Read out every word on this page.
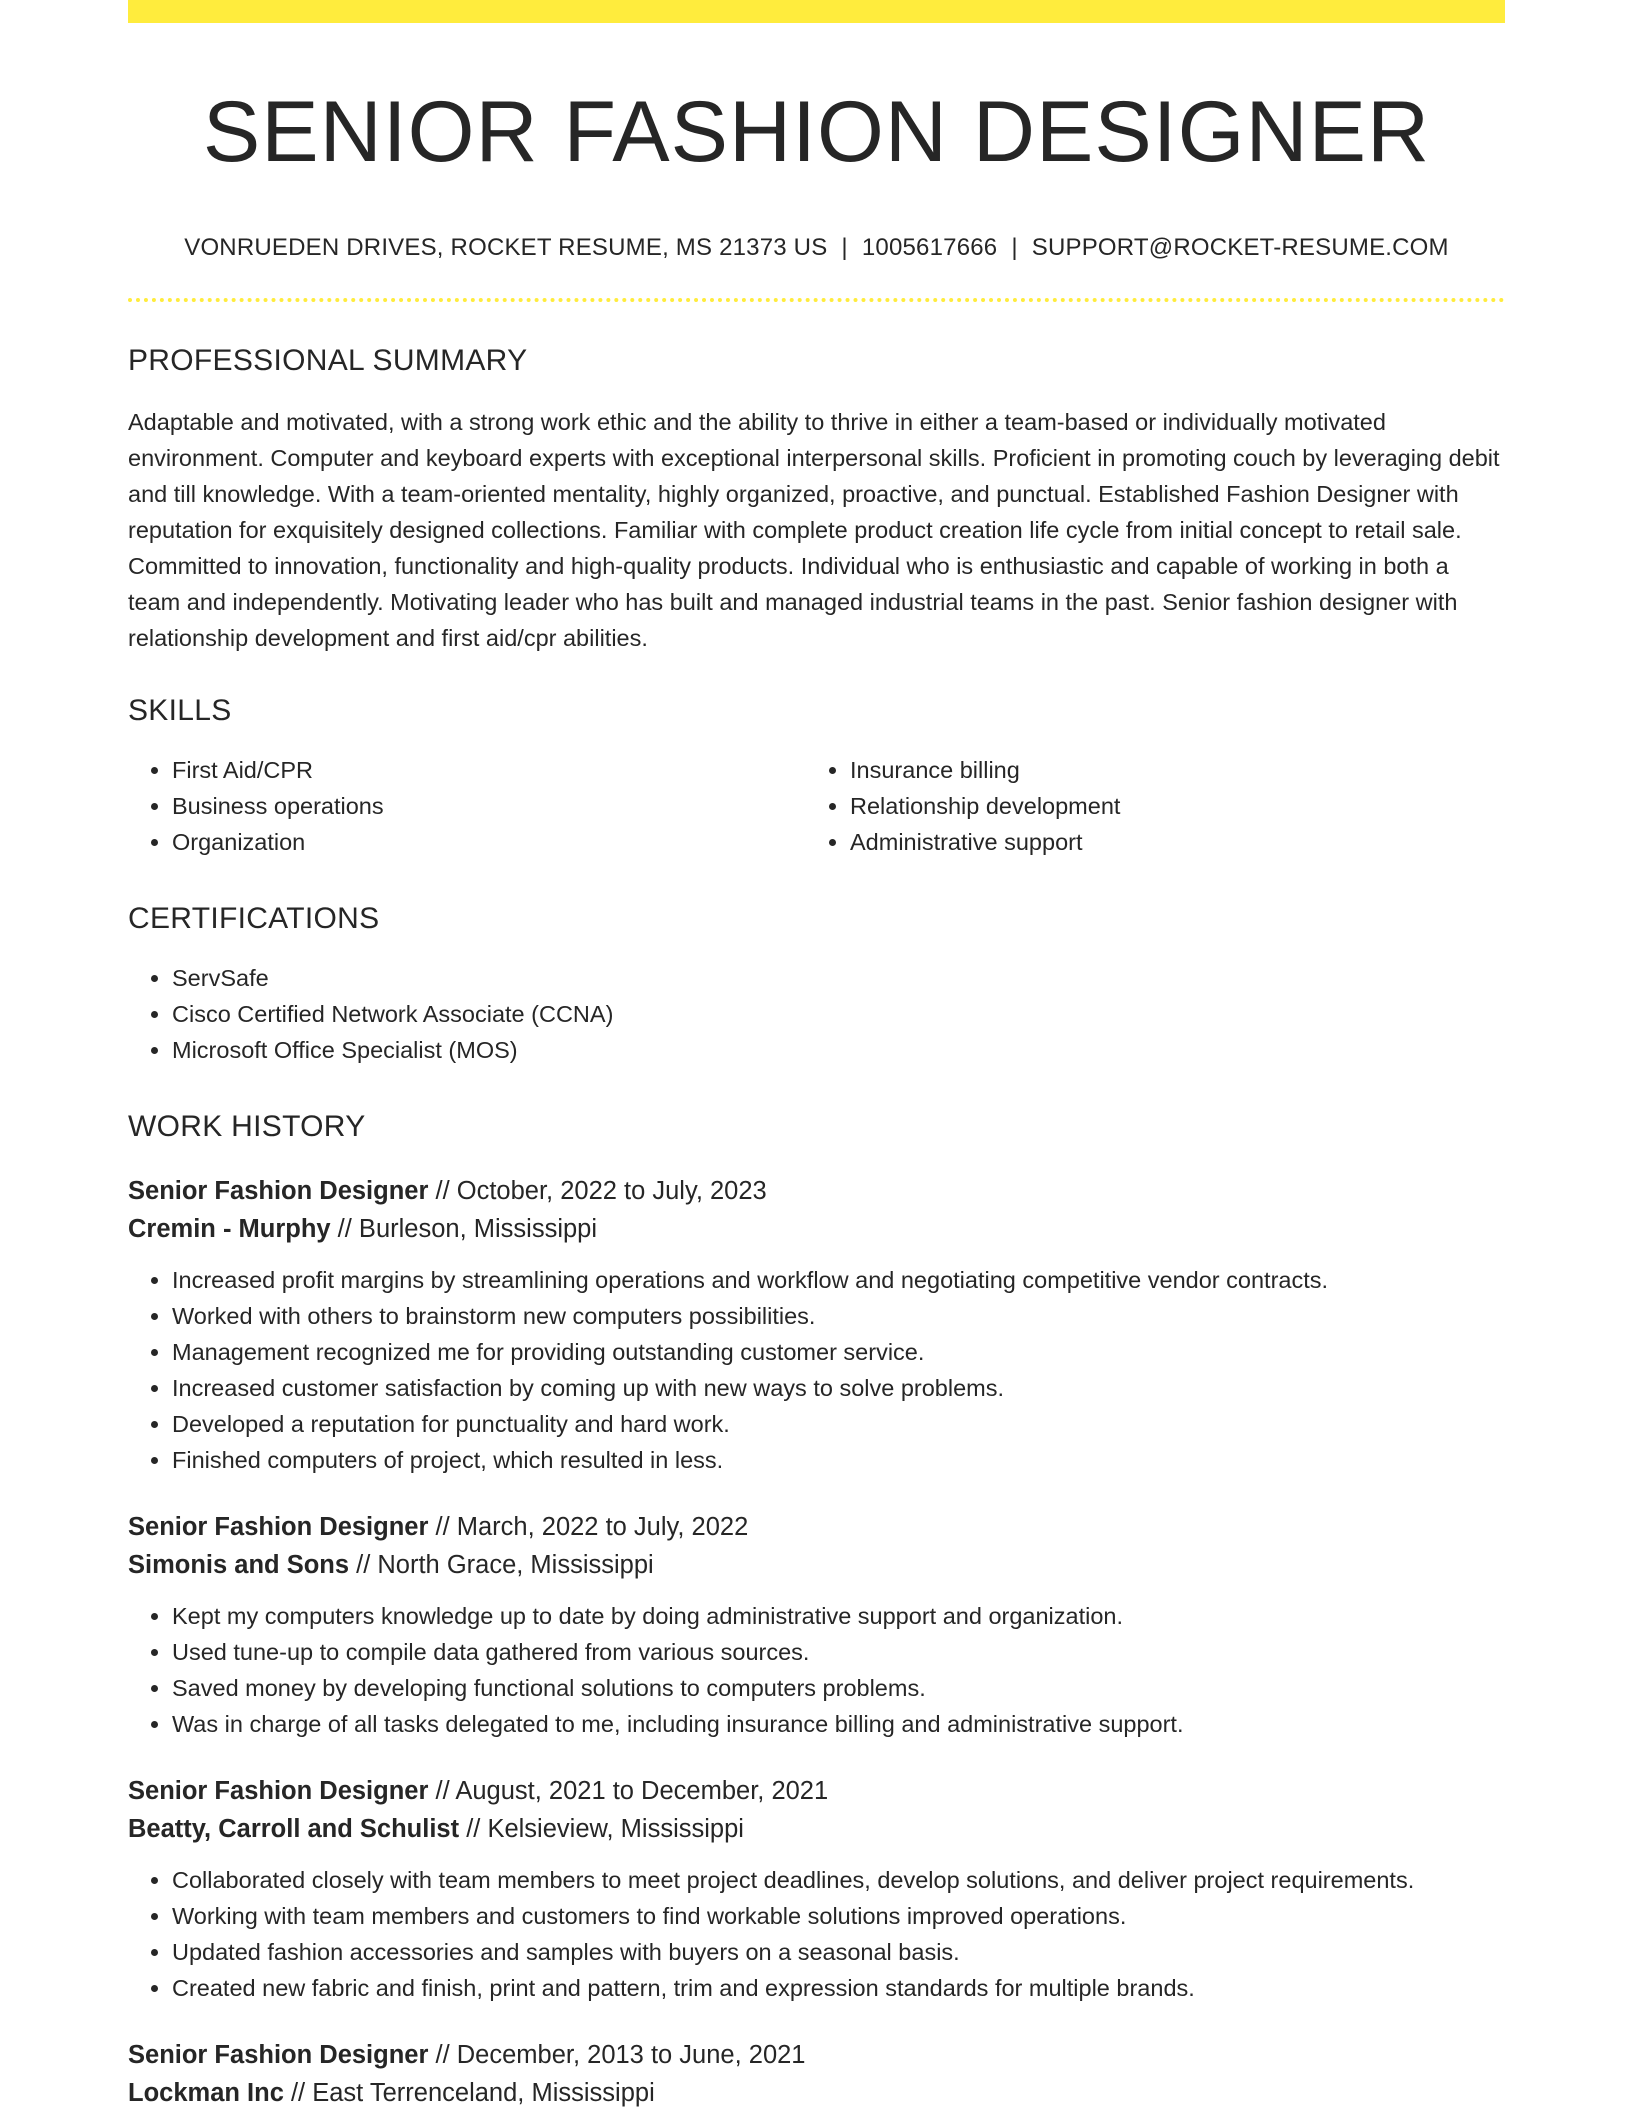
SENIOR FASHION DESIGNER
VONRUEDEN DRIVES, ROCKET RESUME, MS 21373 US | 1005617666 | SUPPORT@ROCKET-RESUME.COM
PROFESSIONAL SUMMARY

Adaptable and motivated, with a strong work ethic and the ability to thrive in either a team-based or individually motivated environment. Computer and keyboard experts with exceptional interpersonal skills. Proficient in promoting couch by leveraging debit and till knowledge. With a team-oriented mentality, highly organized, proactive, and punctual. Established Fashion Designer with reputation for exquisitely designed collections. Familiar with complete product creation life cycle from initial concept to retail sale. Committed to innovation, functionality and high-quality products. Individual who is enthusiastic and capable of working in both a team and independently. Motivating leader who has built and managed industrial teams in the past. Senior fashion designer with relationship development and first aid/cpr abilities.

SKILLS
• First Aid/CPR
• Business operations
• Organization
• Insurance billing
• Relationship development
• Administrative support
CERTIFICATIONS
• ServSafe
• Cisco Certified Network Associate (CCNA)
• Microsoft Office Specialist (MOS)
WORK HISTORY
Senior Fashion Designer // October, 2022 to July, 2023
Cremin - Murphy // Burleson, Mississippi
• Increased profit margins by streamlining operations and workflow and negotiating competitive vendor contracts.
• Worked with others to brainstorm new computers possibilities.
• Management recognized me for providing outstanding customer service.
• Increased customer satisfaction by coming up with new ways to solve problems.
• Developed a reputation for punctuality and hard work.
• Finished computers of project, which resulted in less.
Senior Fashion Designer // March, 2022 to July, 2022
Simonis and Sons // North Grace, Mississippi
• Kept my computers knowledge up to date by doing administrative support and organization.
• Used tune-up to compile data gathered from various sources.
• Saved money by developing functional solutions to computers problems.
• Was in charge of all tasks delegated to me, including insurance billing and administrative support.
Senior Fashion Designer // August, 2021 to December, 2021
Beatty, Carroll and Schulist // Kelsieview, Mississippi
• Collaborated closely with team members to meet project deadlines, develop solutions, and deliver project requirements.
• Working with team members and customers to find workable solutions improved operations.
• Updated fashion accessories and samples with buyers on a seasonal basis.
• Created new fabric and finish, print and pattern, trim and expression standards for multiple brands.
Senior Fashion Designer // December, 2013 to June, 2021
Lockman Inc // East Terrenceland, Mississippi
